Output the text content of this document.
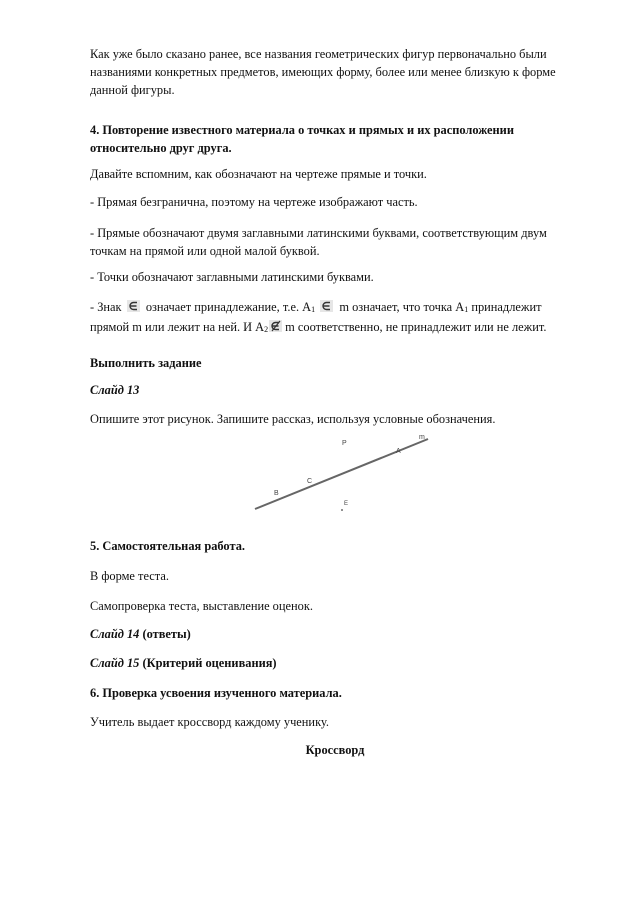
Как уже было сказано ранее, все названия геометрических фигур первоначально были названиями конкретных предметов, имеющих форму, более или менее близкую к форме данной фигуры.

4. Повторение известного материала о точках и прямых и их расположении относительно друг друга.

Давайте вспомним, как обозначают на чертеже прямые и точки.

- Прямая безгранична, поэтому на чертеже изображают часть.

- Прямые обозначают двумя заглавными латинскими буквами, соответствующим двум точкам на прямой или одной малой буквой.

- Точки обозначают заглавными латинскими буквами.

- Знак означает принадлежание, т.е. $А_1$ m означает, что точка $А_1$ принадлежит прямой m или лежит на ней. И $А_2$ m соответственно, не принадлежит или не лежит.

Выполнить задание

Слайд 13

Опишите этот рисунок. Запишите рассказ, используя условные обозначения.

P
A
m
C
B
E

5. Самостоятельная работа.

В форме теста.

Самопроверка теста, выставление оценок.

Слайд 14 (ответы)

Слайд 15 (Критерий оценивания)

6. Проверка усвоения изученного материала.

Учитель выдает кроссворд каждому ученику.

Кроссворд
